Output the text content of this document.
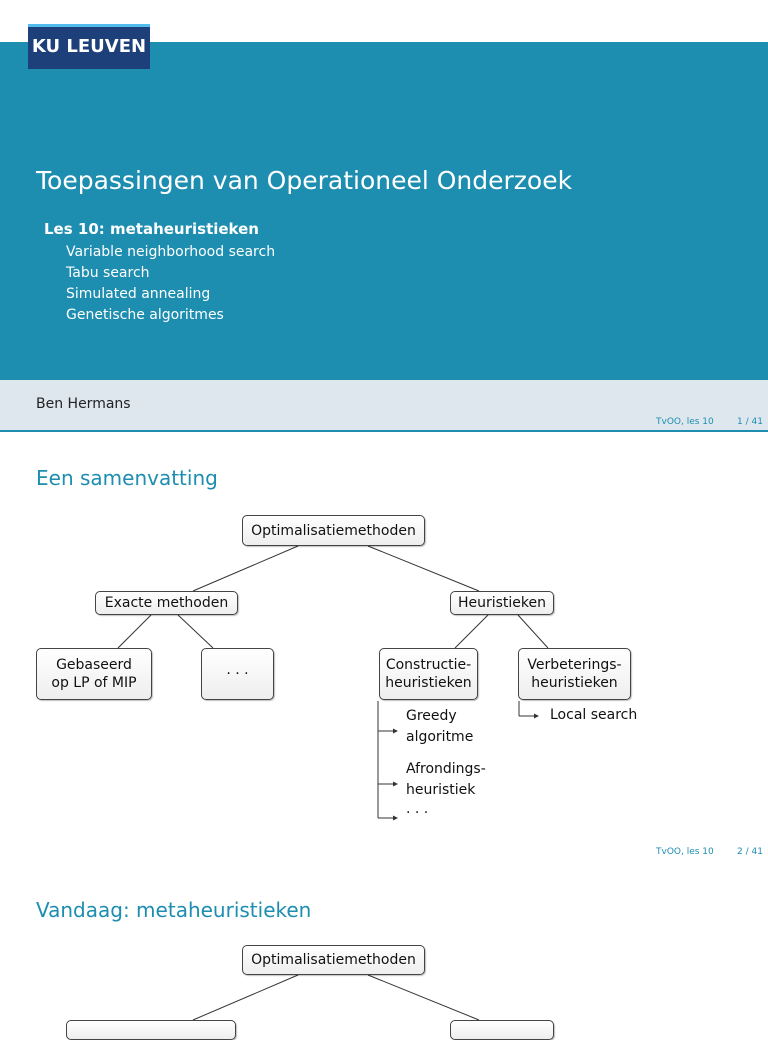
KU LEUVEN
Toepassingen van Operationeel Onderzoek
Les 10: metaheuristieken
Variable neighborhood search
Tabu search
Simulated annealing
Genetische algoritmes
Ben Hermans
TvOO, les 10	1 / 41
Een samenvatting
Optimalisatiemethoden
Exacte methoden	Heuristieken
Gebaseerd
op LP of MIP
· · ·
Constructie-
heuristieken
Verbeterings-
heuristieken
Greedy
algoritme
Afrondings-
heuristiek
· · ·
Local search
TvOO, les 10	2 / 41
Vandaag: metaheuristieken
Optimalisatiemethoden
